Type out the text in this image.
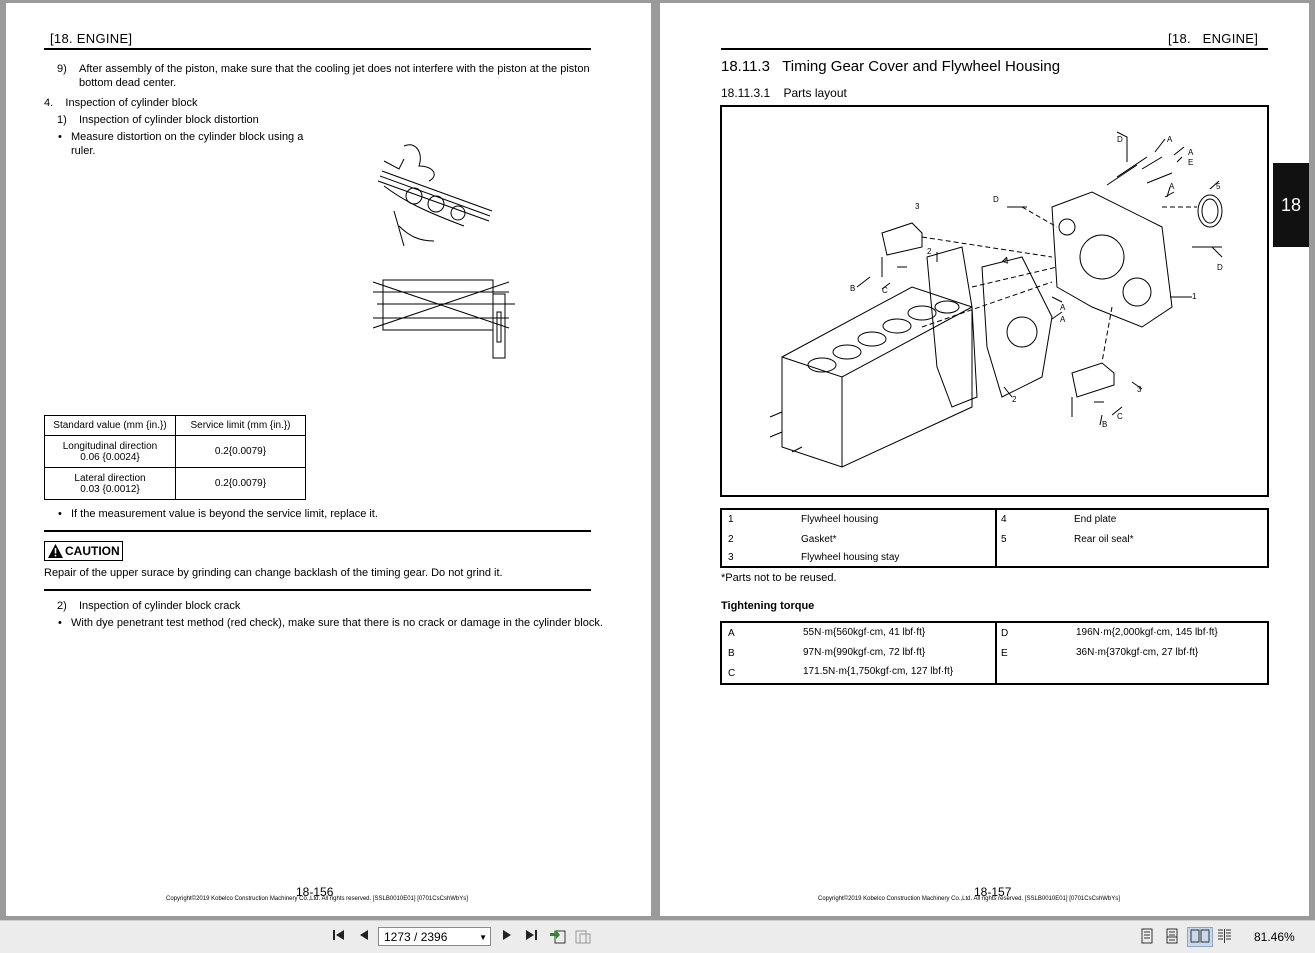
[18. ENGINE]
9) After assembly of the piston, make sure that the cooling jet does not interfere with the piston at the piston
bottom dead center.
4.    Inspection of cylinder block
1)    Inspection of cylinder block distortion
• Measure distortion on the cylinder block using a
ruler.
Standard value (mm {in.})	Service limit (mm {in.})

Longitudinal direction
0.06 {0.0024}	0.2{0.0079}

Lateral direction
0.03 {0.0012}	0.2{0.0079}
• If the measurement value is beyond the service limit, replace it.
CAUTION
Repair of the upper surace by grinding can change backlash of the timing gear. Do not grind it.
2)    Inspection of cylinder block crack
• With dye penetrant test method (red check), make sure that there is no crack or damage in the cylinder block.
18-156
Copyright©2019 Kobelco Construction Machinery Co.,Ltd. All rights reserved. [SSLB0010E01] [0701CsCshWbYs]
[18.   ENGINE]
18.11.3   Timing Gear Cover and Flywheel Housing
18.11.3.1    Parts layout
D	A
A
E
A	5
3
D
D
2
4
B	C
1
A
A
3
C
B
2
1	Flywheel housing
2	Gasket*
3	Flywheel housing stay
4	End plate
5	Rear oil seal*
*Parts not to be reused.
Tightening torque
A	55N·m{560kgf·cm, 41 lbf·ft}
B	97N·m{990kgf·cm, 72 lbf·ft}
C	171.5N·m{1,750kgf·cm, 127 lbf·ft}
D	196N·m{2,000kgf·cm, 145 lbf·ft}
E	36N·m{370kgf·cm, 27 lbf·ft}
18-157
Copyright©2019 Kobelco Construction Machinery Co.,Ltd. All rights reserved. [SSLB0010E01] [0701CsCshWbYs]
18
1273 / 2396	▼	81.46%
